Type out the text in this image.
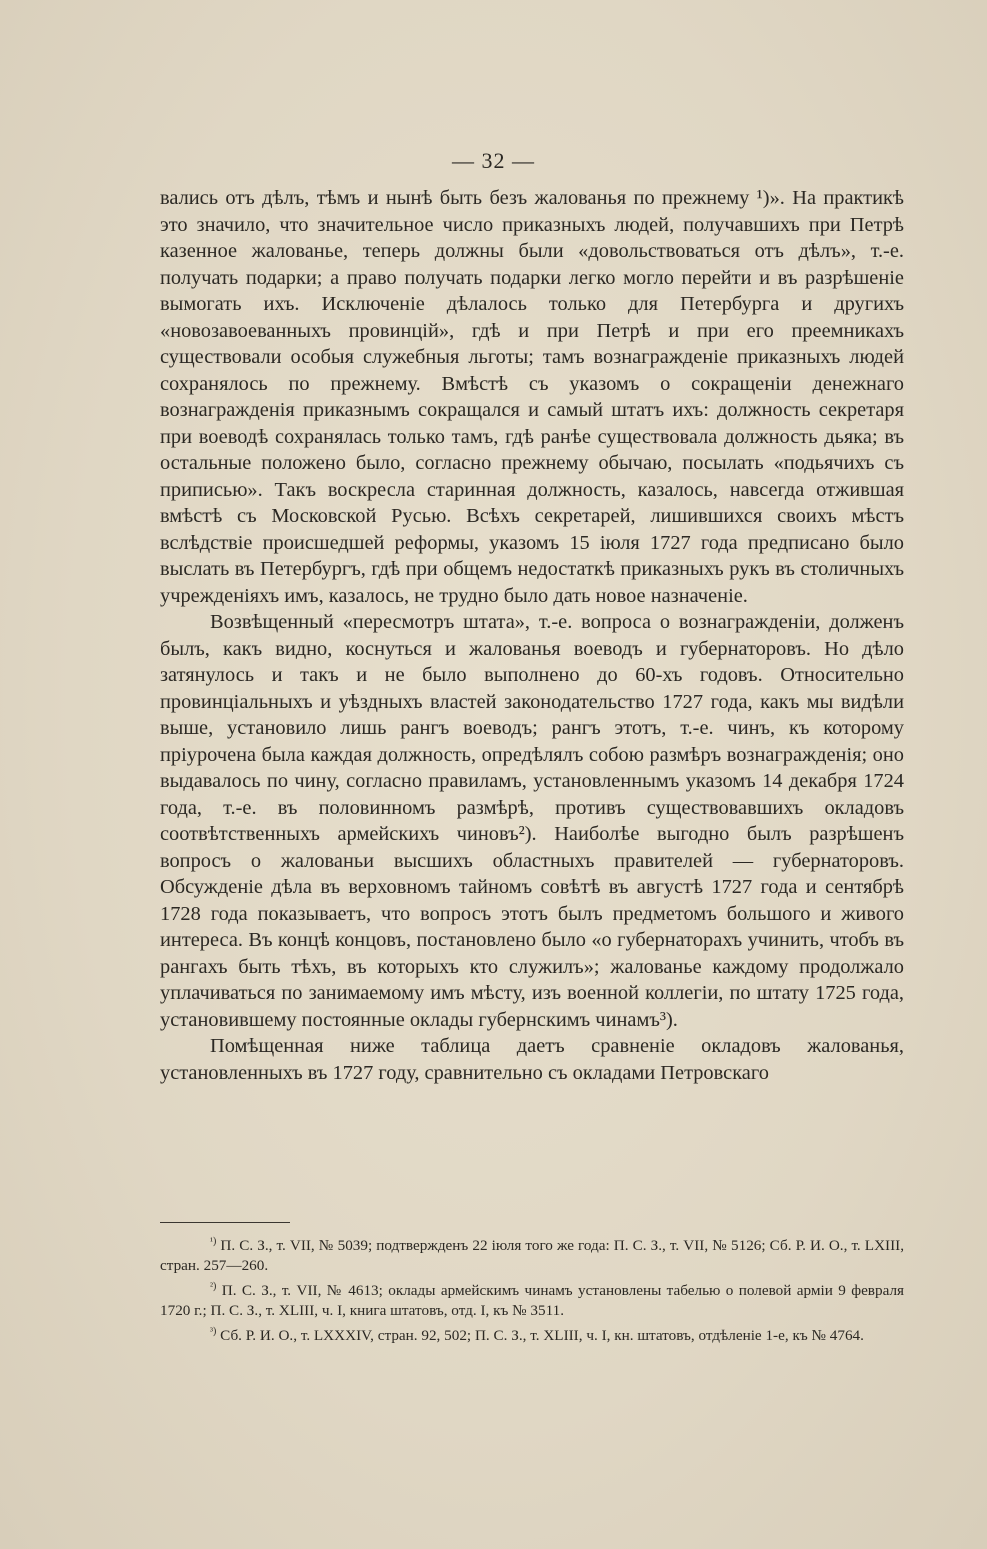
— 32 —

вались отъ дѣлъ, тѣмъ и нынѣ быть безъ жалованья по прежнему ¹)». На практикѣ это значило, что значительное число приказныхъ людей, получавшихъ при Петрѣ казенное жалованье, теперь должны были «довольствоваться отъ дѣлъ», т.-е. получать подарки; а право получать подарки легко могло перейти и въ разрѣшеніе вымогать ихъ. Исключеніе дѣлалось только для Петербурга и другихъ «новозавоеванныхъ провинцій», гдѣ и при Петрѣ и при его преемникахъ существовали особыя служебныя льготы; тамъ вознагражденіе приказныхъ людей сохранялось по прежнему. Вмѣстѣ съ указомъ о сокращеніи денежнаго вознагражденія приказнымъ сокращался и самый штатъ ихъ: должность секретаря при воеводѣ сохранялась только тамъ, гдѣ ранѣе существовала должность дьяка; въ остальные положено было, согласно прежнему обычаю, посылать «подьячихъ съ приписью». Такъ воскресла старинная должность, казалось, навсегда отжившая вмѣстѣ съ Московской Русью. Всѣхъ секретарей, лишившихся своихъ мѣстъ вслѣдствіе происшедшей реформы, указомъ 15 іюля 1727 года предписано было выслать въ Петербургъ, гдѣ при общемъ недостаткѣ приказныхъ рукъ въ столичныхъ учрежденіяхъ имъ, казалось, не трудно было дать новое назначеніе.

Возвѣщенный «пересмотръ штата», т.-е. вопроса о вознагражденіи, долженъ былъ, какъ видно, коснуться и жалованья воеводъ и губернаторовъ. Но дѣло затянулось и такъ и не было выполнено до 60-хъ годовъ. Относительно провинціальныхъ и уѣздныхъ властей законодательство 1727 года, какъ мы видѣли выше, установило лишь рангъ воеводъ; рангъ этотъ, т.-е. чинъ, къ которому пріурочена была каждая должность, опредѣлялъ собою размѣръ вознагражденія; оно выдавалось по чину, согласно правиламъ, установленнымъ указомъ 14 декабря 1724 года, т.-е. въ половинномъ размѣрѣ, противъ существовавшихъ окладовъ соотвѣтственныхъ армейскихъ чиновъ²). Наиболѣе выгодно былъ разрѣшенъ вопросъ о жалованьи высшихъ областныхъ правителей — губернаторовъ. Обсужденіе дѣла въ верховномъ тайномъ совѣтѣ въ августѣ 1727 года и сентябрѣ 1728 года показываетъ, что вопросъ этотъ былъ предметомъ большого и живого интереса. Въ концѣ концовъ, постановлено было «о губернаторахъ учинить, чтобъ въ рангахъ быть тѣхъ, въ которыхъ кто служилъ»; жалованье каждому продолжало уплачиваться по занимаемому имъ мѣсту, изъ военной коллегіи, по штату 1725 года, установившему постоянные оклады губернскимъ чинамъ³).

Помѣщенная ниже таблица даетъ сравненіе окладовъ жалованья, установленныхъ въ 1727 году, сравнительно съ окладами Петровскаго

$^{^1)}$ П. С. З., т. VII, № 5039; подтвержденъ 22 іюля того же года: П. С. З., т. VII, № 5126; Сб. Р. И. О., т. LXIII, стран. 257—260.

$^{^2)}$ П. С. З., т. VII, № 4613; оклады армейскимъ чинамъ установлены табелью о полевой арміи 9 февраля 1720 г.; П. С. З., т. XLIII, ч. I, книга штатовъ, отд. I, къ № 3511.

$^{^3)}$ Сб. Р. И. О., т. LXXXIV, стран. 92, 502; П. С. З., т. XLIII, ч. I, кн. штатовъ, отдѣленіе 1-е, къ № 4764.
